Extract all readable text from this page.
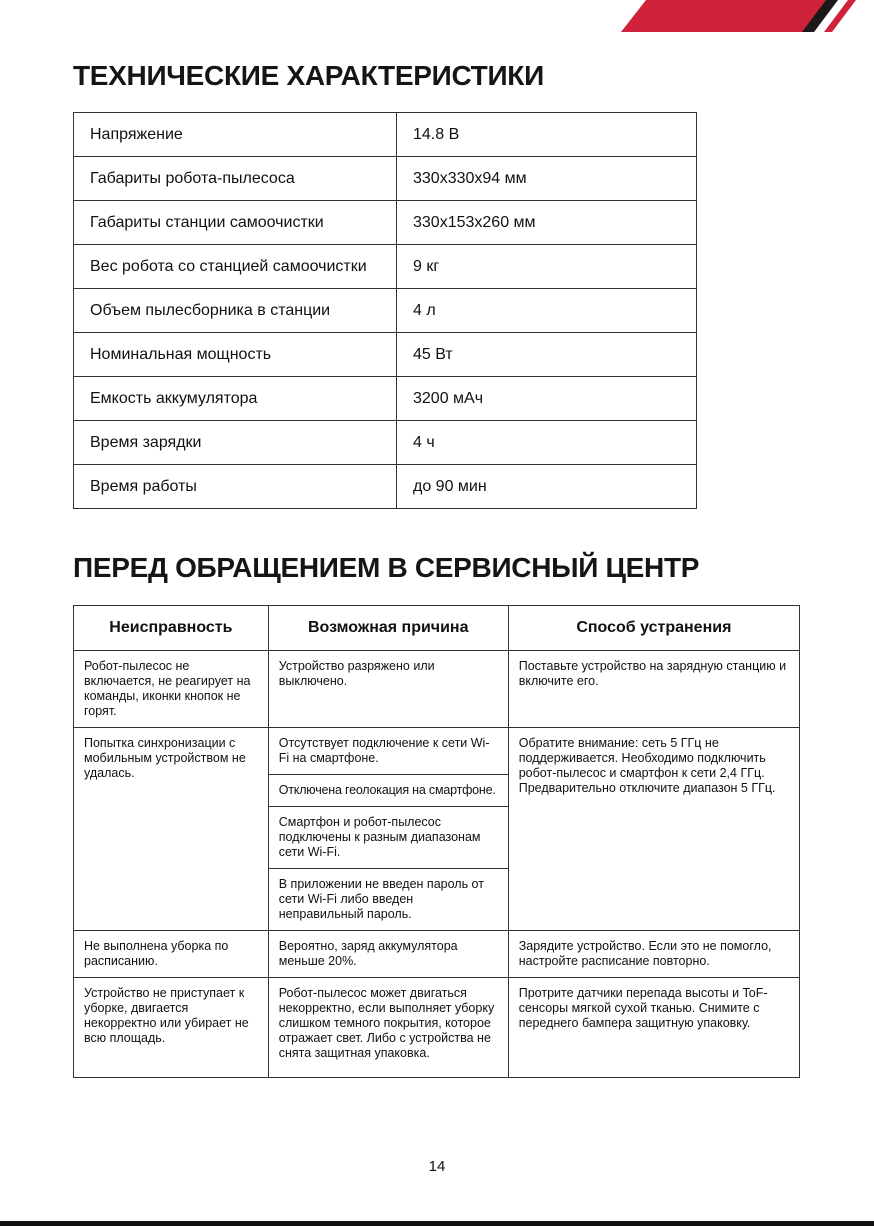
ТЕХНИЧЕСКИЕ ХАРАКТЕРИСТИКИ
Напряжение	14.8 В
Габариты робота-пылесоса	330х330х94 мм
Габариты станции самоочистки	330х153х260 мм
Вес робота со станцией самоочистки	9 кг
Объем пылесборника в станции	4 л
Номинальная мощность	45 Вт
Емкость аккумулятора	3200 мАч
Время зарядки	4 ч
Время работы	до 90 мин
ПЕРЕД ОБРАЩЕНИЕМ В СЕРВИСНЫЙ ЦЕНТР
Неисправность	Возможная причина	Способ устранения
Робот-пылесос не включается, не реагирует на команды, иконки кнопок не горят.	Устройство разряжено или выключено.	Поставьте устройство на зарядную станцию и включите его.
Попытка синхронизации с мобильным устройством не удалась.	Отсутствует подключение к сети Wi-Fi на смартфоне.	Обратите внимание: сеть 5 ГГц не поддерживается. Необходимо подключить робот-пылесос и смартфон к сети 2,4 ГГц. Предварительно отключите диапазон 5 ГГц.
	Отключена геолокация на смартфоне.	
	Смартфон и робот-пылесос подключены к разным диапазонам сети Wi-Fi.	
	В приложении не введен пароль от сети Wi-Fi либо введен неправильный пароль.	
Не выполнена уборка по расписанию.	Вероятно, заряд аккумулятора меньше 20%.	Зарядите устройство. Если это не помогло, настройте расписание повторно.
Устройство не приступает к уборке, двигается некорректно или убирает не всю площадь.	Робот-пылесос может двигаться некорректно, если выполняет уборку слишком темного покрытия, которое отражает свет. Либо с устройства не снята защитная упаковка.	Протрите датчики перепада высоты и ToF-сенсоры мягкой сухой тканью. Снимите с переднего бампера защитную упаковку.
14
